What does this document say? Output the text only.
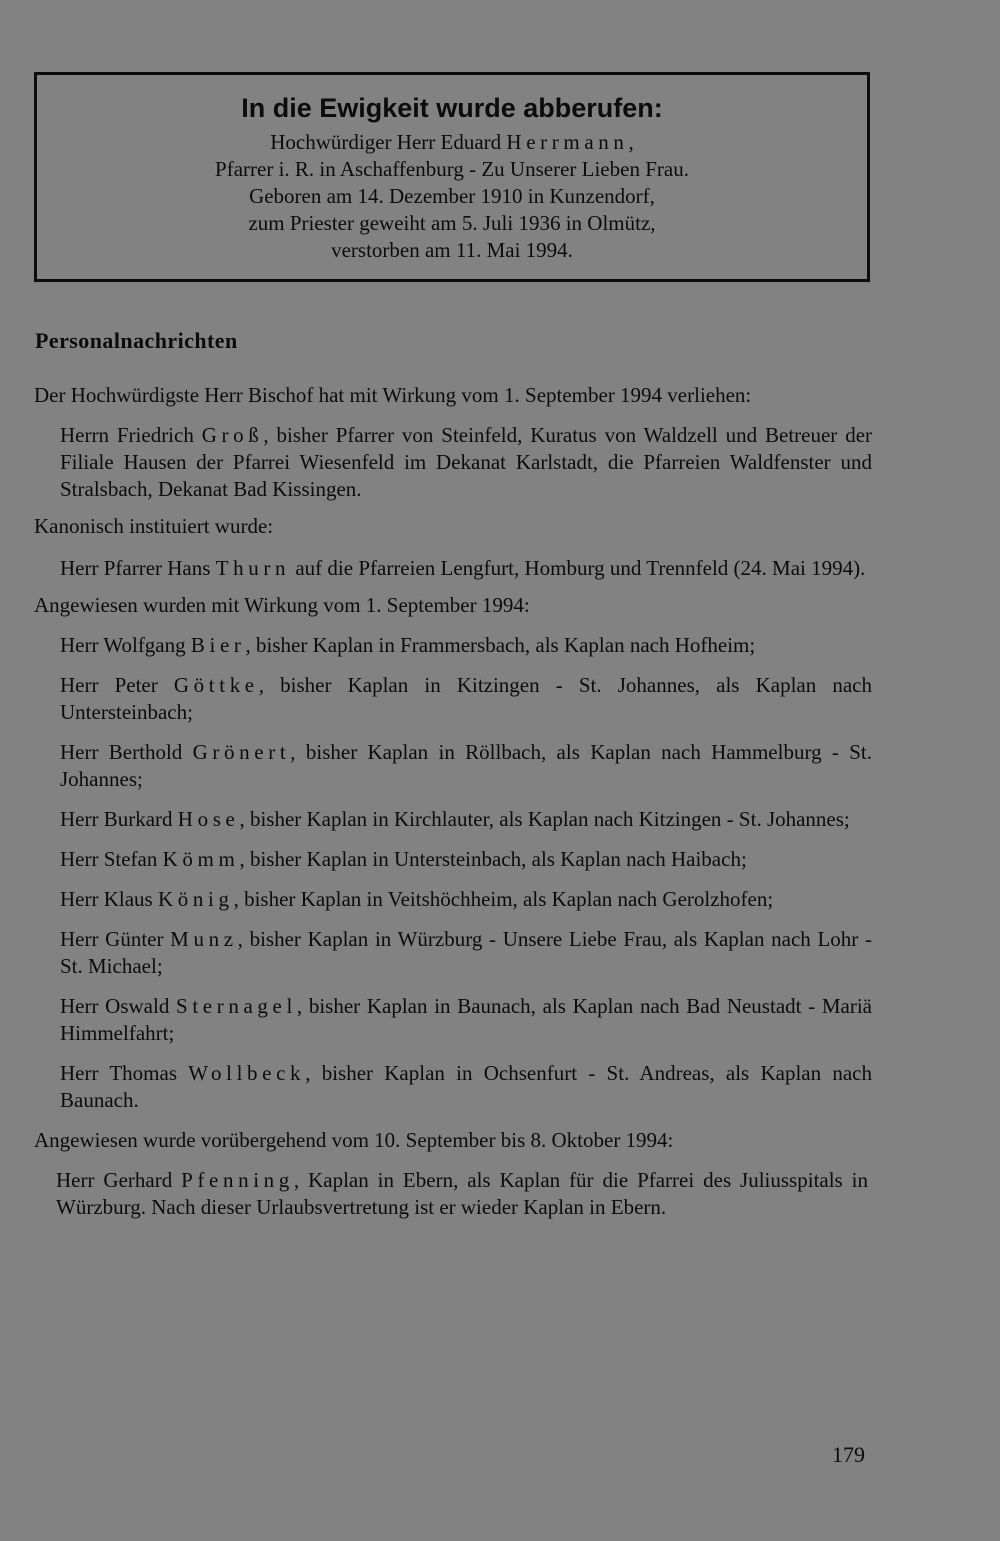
In die Ewigkeit wurde abberufen:
Hochwürdiger Herr Eduard Herrmann,
Pfarrer i. R. in Aschaffenburg - Zu Unserer Lieben Frau.
Geboren am 14. Dezember 1910 in Kunzendorf,
zum Priester geweiht am 5. Juli 1936 in Olmütz,
verstorben am 11. Mai 1994.
Personalnachrichten
Der Hochwürdigste Herr Bischof hat mit Wirkung vom 1. September 1994 verliehen:
Herrn Friedrich Groß, bisher Pfarrer von Steinfeld, Kuratus von Waldzell und Betreuer der Filiale Hausen der Pfarrei Wiesenfeld im Dekanat Karlstadt, die Pfarreien Waldfenster und Stralsbach, Dekanat Bad Kissingen.
Kanonisch instituiert wurde:
Herr Pfarrer Hans Thurn auf die Pfarreien Lengfurt, Homburg und Trennfeld (24. Mai 1994).
Angewiesen wurden mit Wirkung vom 1. September 1994:
Herr Wolfgang Bier, bisher Kaplan in Frammersbach, als Kaplan nach Hofheim;
Herr Peter Göttke, bisher Kaplan in Kitzingen - St. Johannes, als Kaplan nach Untersteinbach;
Herr Berthold Grönert, bisher Kaplan in Röllbach, als Kaplan nach Hammelburg - St. Johannes;
Herr Burkard Hose, bisher Kaplan in Kirchlauter, als Kaplan nach Kitzingen - St. Johannes;
Herr Stefan Kömm, bisher Kaplan in Untersteinbach, als Kaplan nach Haibach;
Herr Klaus König, bisher Kaplan in Veitshöchheim, als Kaplan nach Gerolzhofen;
Herr Günter Munz, bisher Kaplan in Würzburg - Unsere Liebe Frau, als Kaplan nach Lohr - St. Michael;
Herr Oswald Sternagel, bisher Kaplan in Baunach, als Kaplan nach Bad Neustadt - Mariä Himmelfahrt;
Herr Thomas Wollbeck, bisher Kaplan in Ochsenfurt - St. Andreas, als Kaplan nach Baunach.
Angewiesen wurde vorübergehend vom 10. September bis 8. Oktober 1994:
Herr Gerhard Pfenning, Kaplan in Ebern, als Kaplan für die Pfarrei des Juliusspitals in Würzburg. Nach dieser Urlaubsvertretung ist er wieder Kaplan in Ebern.
179
